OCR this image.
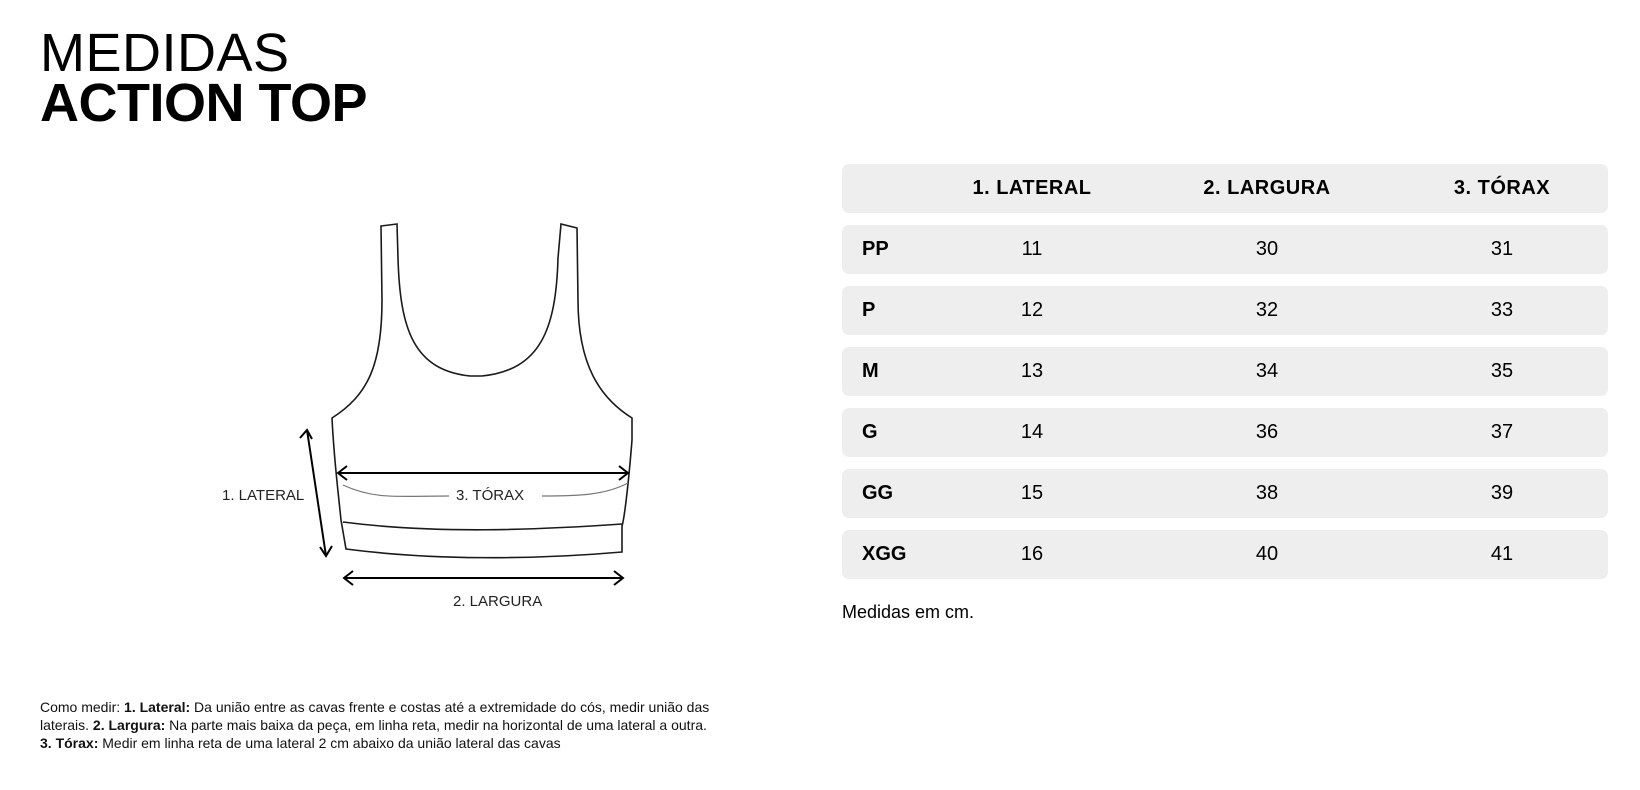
MEDIDAS
ACTION TOP
1. LATERAL	3. TÓRAX
2. LARGURA
1. LATERAL	2. LARGURA	3. TÓRAX
PP	11	30	31
P	12	32	33
M	13	34	35
G	14	36	37
GG	15	38	39
XGG	16	40	41
Medidas em cm.
Como medir: 1. Lateral: Da união entre as cavas frente e costas até a extremidade do cós, medir união das laterais. 2. Largura: Na parte mais baixa da peça, em linha reta, medir na horizontal de uma lateral a outra.
3. Tórax: Medir em linha reta de uma lateral 2 cm abaixo da união lateral das cavas
